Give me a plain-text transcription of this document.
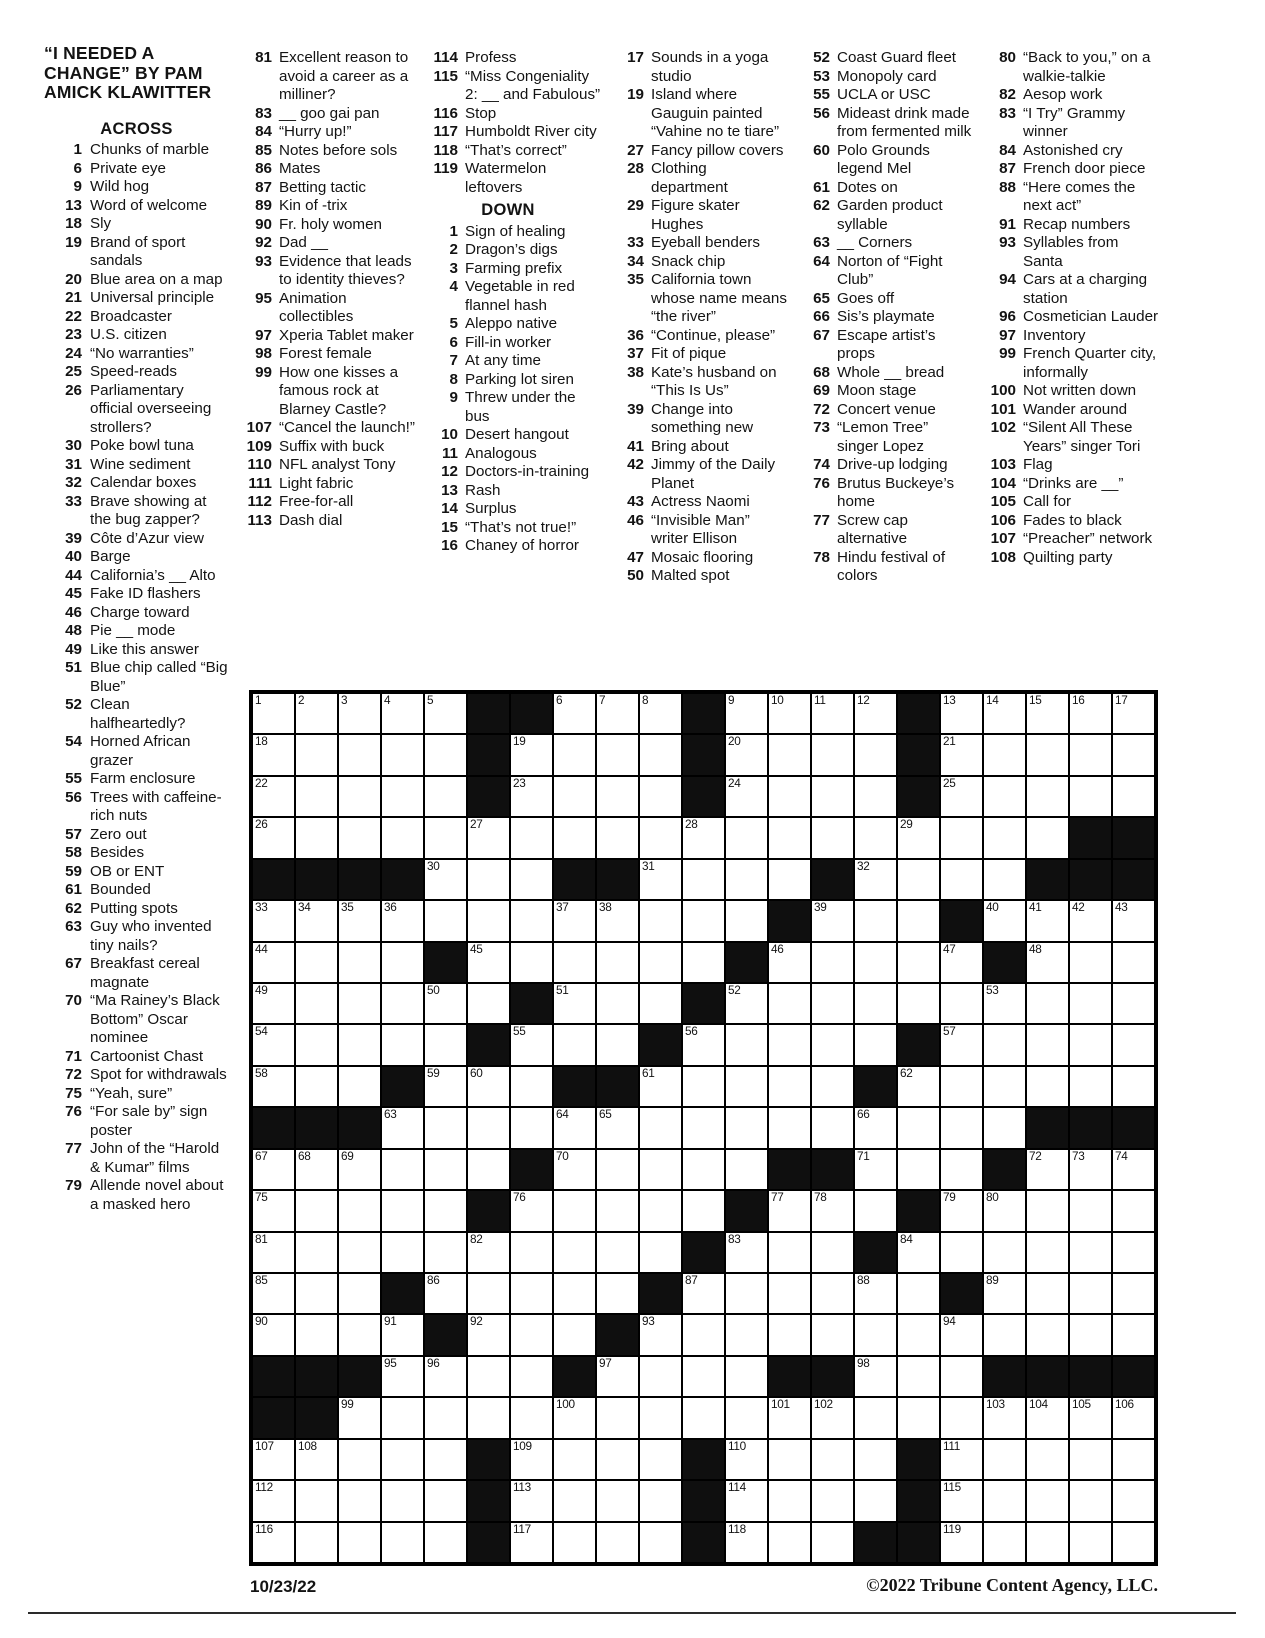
“I NEEDED A CHANGE” BY PAM AMICK KLAWITTER
ACROSS
1 Chunks of marble
6 Private eye
9 Wild hog
13 Word of welcome
18 Sly
19 Brand of sport sandals
20 Blue area on a map
21 Universal principle
22 Broadcaster
23 U.S. citizen
24 “No warranties”
25 Speed-reads
26 Parliamentary official overseeing strollers?
30 Poke bowl tuna
31 Wine sediment
32 Calendar boxes
33 Brave showing at the bug zapper?
39 Côte d’Azur view
40 Barge
44 California’s __ Alto
45 Fake ID flashers
46 Charge toward
48 Pie __ mode
49 Like this answer
51 Blue chip called “Big Blue”
52 Clean halfheartedly?
54 Horned African grazer
55 Farm enclosure
56 Trees with caffeine-rich nuts
57 Zero out
58 Besides
59 OB or ENT
61 Bounded
62 Putting spots
63 Guy who invented tiny nails?
67 Breakfast cereal magnate
70 “Ma Rainey’s Black Bottom” Oscar nominee
71 Cartoonist Chast
72 Spot for withdrawals
75 “Yeah, sure”
76 “For sale by” sign poster
77 John of the “Harold & Kumar” films
79 Allende novel about a masked hero
81 Excellent reason to avoid a career as a milliner?
83 __ goo gai pan
84 “Hurry up!”
85 Notes before sols
86 Mates
87 Betting tactic
89 Kin of -trix
90 Fr. holy women
92 Dad __
93 Evidence that leads to identity thieves?
95 Animation collectibles
97 Xperia Tablet maker
98 Forest female
99 How one kisses a famous rock at Blarney Castle?
107 “Cancel the launch!”
109 Suffix with buck
110 NFL analyst Tony
111 Light fabric
112 Free-for-all
113 Dash dial
114 Profess
115 “Miss Congeniality 2: __ and Fabulous”
116 Stop
117 Humboldt River city
118 “That’s correct”
119 Watermelon leftovers
DOWN
1 Sign of healing
2 Dragon’s digs
3 Farming prefix
4 Vegetable in red flannel hash
5 Aleppo native
6 Fill-in worker
7 At any time
8 Parking lot siren
9 Threw under the bus
10 Desert hangout
11 Analogous
12 Doctors-in-training
13 Rash
14 Surplus
15 “That’s not true!”
16 Chaney of horror
17 Sounds in a yoga studio
19 Island where Gauguin painted “Vahine no te tiare”
27 Fancy pillow covers
28 Clothing department
29 Figure skater Hughes
33 Eyeball benders
34 Snack chip
35 California town whose name means “the river”
36 “Continue, please”
37 Fit of pique
38 Kate’s husband on “This Is Us”
39 Change into something new
41 Bring about
42 Jimmy of the Daily Planet
43 Actress Naomi
46 “Invisible Man” writer Ellison
47 Mosaic flooring
50 Malted spot
52 Coast Guard fleet
53 Monopoly card
55 UCLA or USC
56 Mideast drink made from fermented milk
60 Polo Grounds legend Mel
61 Dotes on
62 Garden product syllable
63 __ Corners
64 Norton of “Fight Club”
65 Goes off
66 Sis’s playmate
67 Escape artist’s props
68 Whole __ bread
69 Moon stage
72 Concert venue
73 “Lemon Tree” singer Lopez
74 Drive-up lodging
76 Brutus Buckeye’s home
77 Screw cap alternative
78 Hindu festival of colors
80 “Back to you,” on a walkie-talkie
82 Aesop work
83 “I Try” Grammy winner
84 Astonished cry
87 French door piece
88 “Here comes the next act”
91 Recap numbers
93 Syllables from Santa
94 Cars at a charging station
96 Cosmetician Lauder
97 Inventory
99 French Quarter city, informally
100 Not written down
101 Wander around
102 “Silent All These Years” singer Tori
103 Flag
104 “Drinks are __”
105 Call for
106 Fades to black
107 “Preacher” network
108 Quilting party
1	2	3	4	5	6	7	8	9	10	11	12	13	14	15	16	17
18	19	20	21
22	23	24	25
26	27	28	29
30	31	32
33	34	35	36	37	38	39	40	41	42	43
44	45	46	47	48
49	50	51	52	53
54	55	56	57
58	59	60	61	62
63	64	65	66
67	68	69	70	71	72	73	74
75	76	77	78	79	80
81	82	83	84
85	86	87	88	89
90	91	92	93	94
95	96	97	98
99	100	101 102	103 104 105 106
107 108	109	110	111
112	113	114	115
116	117	118	119
10/23/22	©2022 Tribune Content Agency, LLC.
